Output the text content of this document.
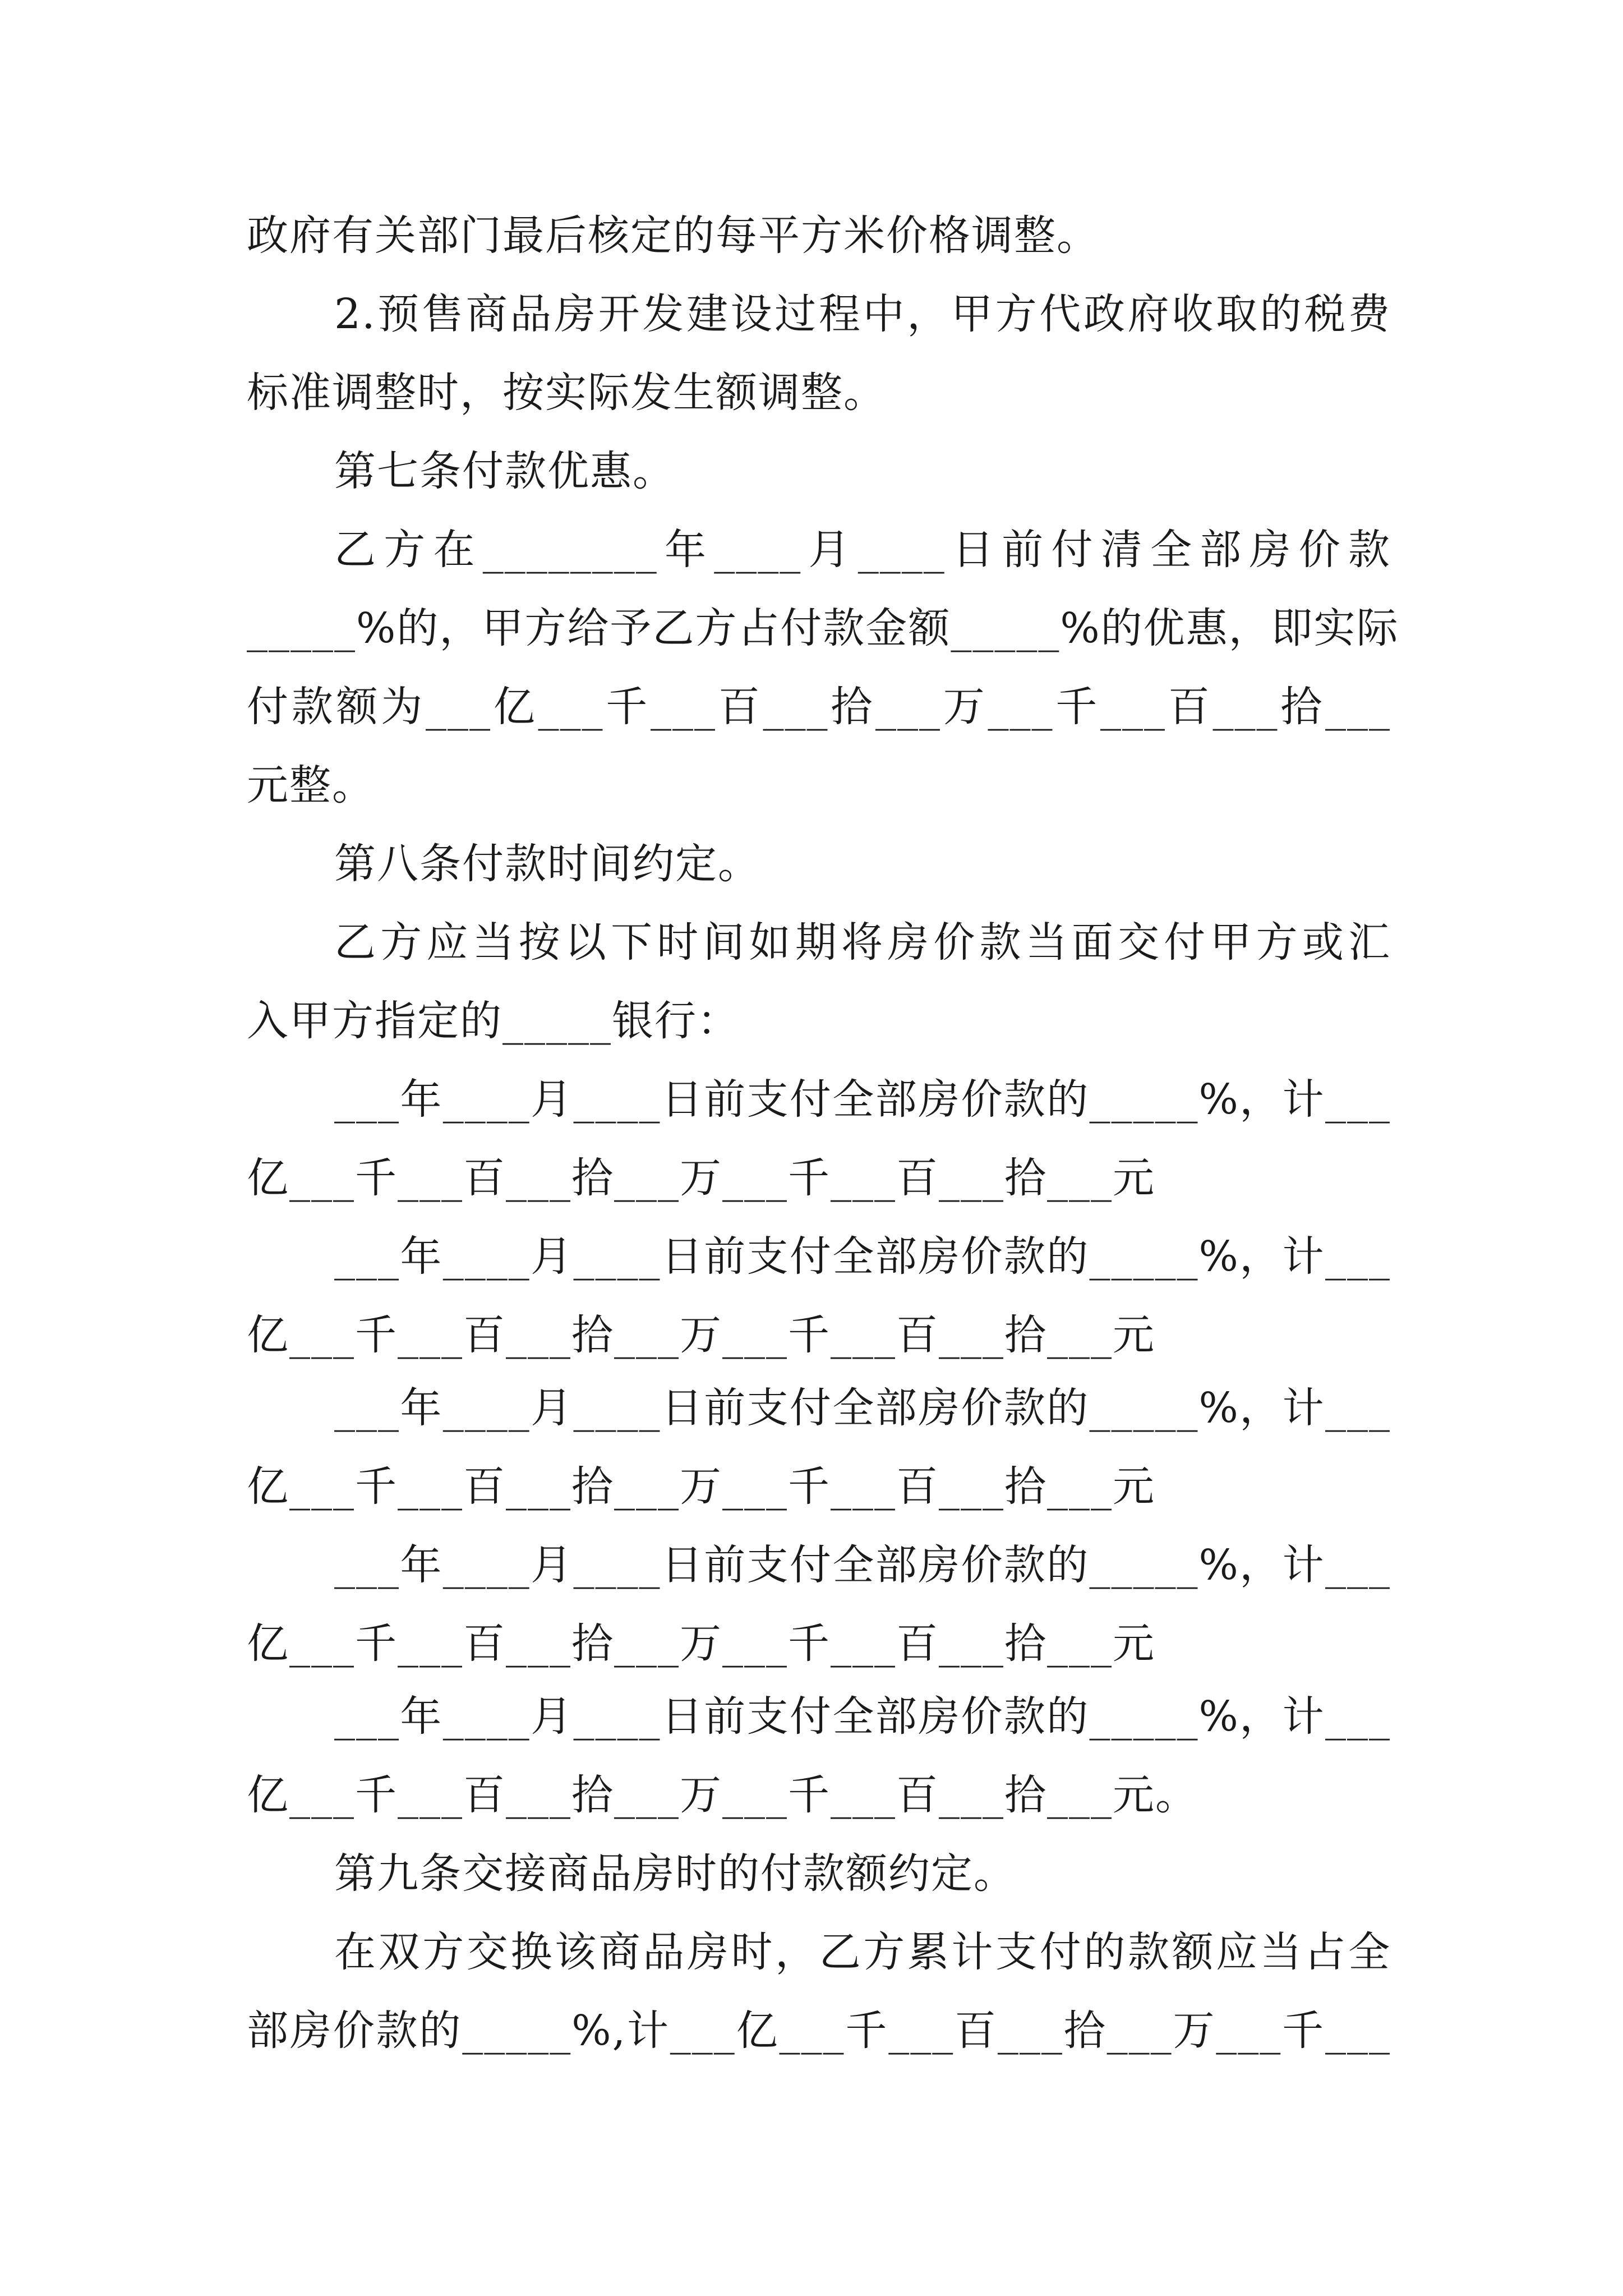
政府有关部门最后核定的每平方米价格调整。
2.预售商品房开发建设过程中，甲方代政府收取的税费
标准调整时，按实际发生额调整。
第七条付款优惠。
乙方在________年____月____日前付清全部房价款
_____%的，甲方给予乙方占付款金额_____%的优惠，即实际
付款额为___亿___千___百___拾___万___千___百___拾___
元整。
第八条付款时间约定。
乙方应当按以下时间如期将房价款当面交付甲方或汇
入甲方指定的_____银行：
___年____月____日前支付全部房价款的_____%，计___
亿___千___百___拾___万___千___百___拾___元
___年____月____日前支付全部房价款的_____%，计___
亿___千___百___拾___万___千___百___拾___元
___年____月____日前支付全部房价款的_____%，计___
亿___千___百___拾___万___千___百___拾___元
___年____月____日前支付全部房价款的_____%，计___
亿___千___百___拾___万___千___百___拾___元
___年____月____日前支付全部房价款的_____%，计___
亿___千___百___拾___万___千___百___拾___元。
第九条交接商品房时的付款额约定。
在双方交换该商品房时，乙方累计支付的款额应当占全
部房价款的_____%,计___亿___千___百___拾___万___千___
